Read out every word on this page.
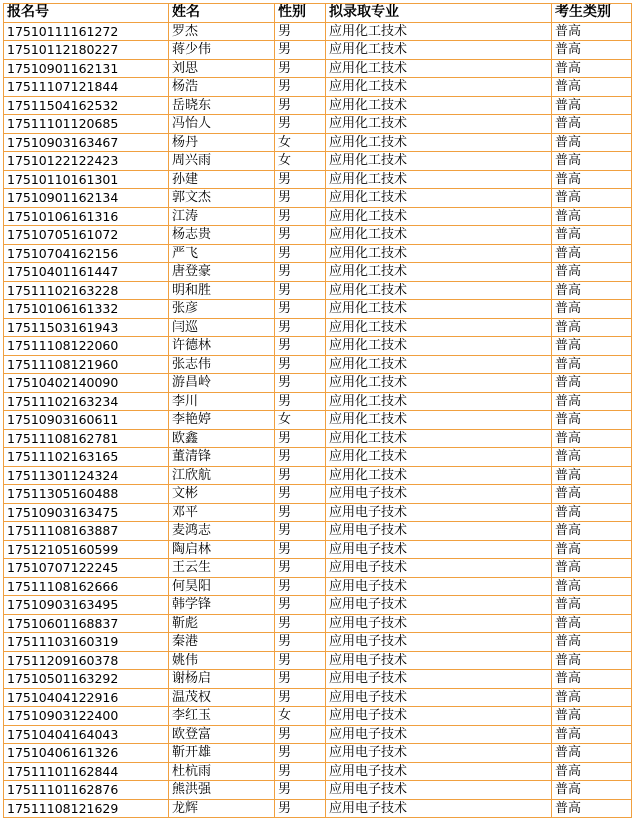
报名号	姓名	性别	拟录取专业	考生类别
17510111161272	罗杰	男	应用化工技术	普高
17510112180227	蒋少伟	男	应用化工技术	普高
17510901162131	刘思	男	应用化工技术	普高
17511107121844	杨浩	男	应用化工技术	普高
17511504162532	岳晓东	男	应用化工技术	普高
17511101120685	冯怡人	男	应用化工技术	普高
17510903163467	杨丹	女	应用化工技术	普高
17510122122423	周兴雨	女	应用化工技术	普高
17510110161301	孙建	男	应用化工技术	普高
17510901162134	郭文杰	男	应用化工技术	普高
17510106161316	江涛	男	应用化工技术	普高
17510705161072	杨志贵	男	应用化工技术	普高
17510704162156	严飞	男	应用化工技术	普高
17510401161447	唐登豪	男	应用化工技术	普高
17511102163228	明和胜	男	应用化工技术	普高
17510106161332	张彦	男	应用化工技术	普高
17511503161943	闫巡	男	应用化工技术	普高
17511108122060	许德林	男	应用化工技术	普高
17511108121960	张志伟	男	应用化工技术	普高
17510402140090	游昌岭	男	应用化工技术	普高
17511102163234	李川	男	应用化工技术	普高
17510903160611	李艳婷	女	应用化工技术	普高
17511108162781	欧鑫	男	应用化工技术	普高
17511102163165	董清锋	男	应用化工技术	普高
17511301124324	江欣航	男	应用化工技术	普高
17511305160488	文彬	男	应用电子技术	普高
17510903163475	邓平	男	应用电子技术	普高
17511108163887	麦鸿志	男	应用电子技术	普高
17512105160599	陶启林	男	应用电子技术	普高
17510707122245	王云生	男	应用电子技术	普高
17511108162666	何昊阳	男	应用电子技术	普高
17510903163495	韩学锋	男	应用电子技术	普高
17510601168837	靳彪	男	应用电子技术	普高
17511103160319	秦港	男	应用电子技术	普高
17511209160378	姚伟	男	应用电子技术	普高
17510501163292	谢杨启	男	应用电子技术	普高
17510404122916	温茂权	男	应用电子技术	普高
17510903122400	李红玉	女	应用电子技术	普高
17510404164043	欧登富	男	应用电子技术	普高
17510406161326	靳开雄	男	应用电子技术	普高
17511101162844	杜杭雨	男	应用电子技术	普高
17511101162876	熊洪强	男	应用电子技术	普高
17511108121629	龙辉	男	应用电子技术	普高
